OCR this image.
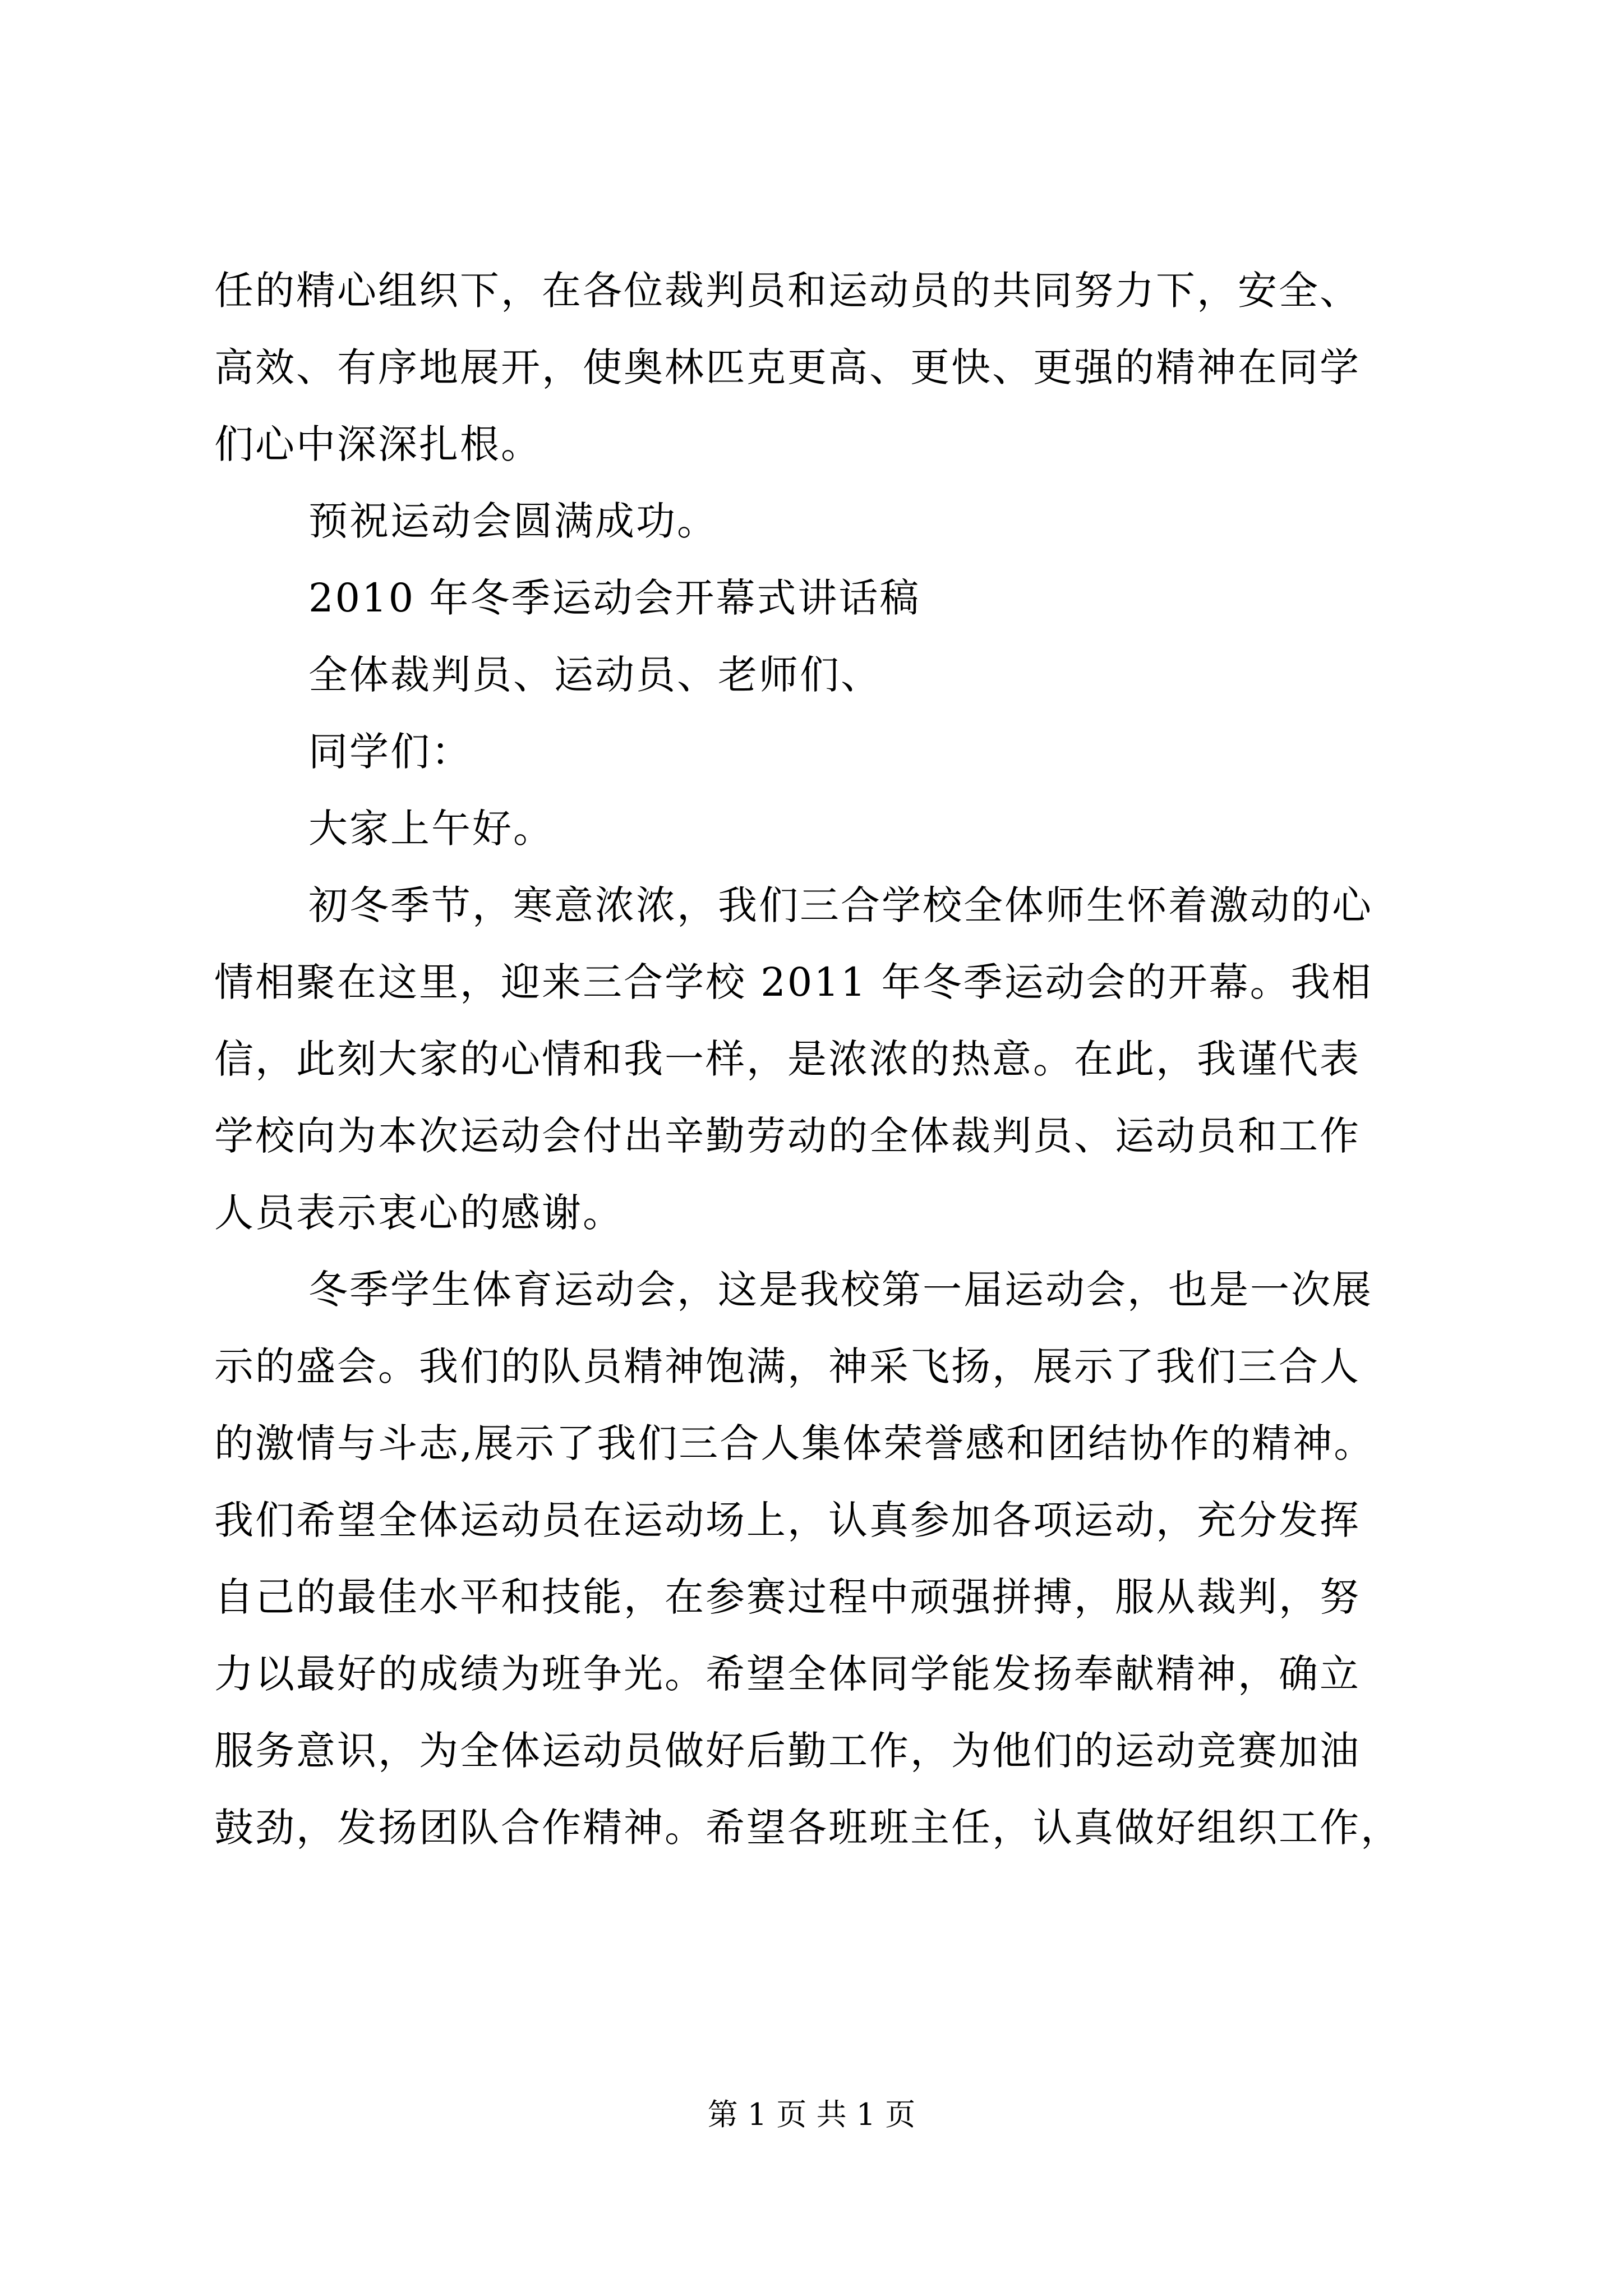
任的精心组织下，在各位裁判员和运动员的共同努力下，安全、
高效、有序地展开，使奥林匹克更高、更快、更强的精神在同学
们心中深深扎根。
预祝运动会圆满成功。
2010 年冬季运动会开幕式讲话稿
全体裁判员、运动员、老师们、
同学们：
大家上午好。
初冬季节，寒意浓浓，我们三合学校全体师生怀着激动的心
情相聚在这里，迎来三合学校 2011 年冬季运动会的开幕。我相
信，此刻大家的心情和我一样，是浓浓的热意。在此，我谨代表
学校向为本次运动会付出辛勤劳动的全体裁判员、运动员和工作
人员表示衷心的感谢。
冬季学生体育运动会，这是我校第一届运动会，也是一次展
示的盛会。我们的队员精神饱满，神采飞扬，展示了我们三合人
的激情与斗志,展示了我们三合人集体荣誉感和团结协作的精神。
我们希望全体运动员在运动场上，认真参加各项运动，充分发挥
自己的最佳水平和技能，在参赛过程中顽强拼搏，服从裁判，努
力以最好的成绩为班争光。希望全体同学能发扬奉献精神，确立
服务意识，为全体运动员做好后勤工作，为他们的运动竞赛加油
鼓劲，发扬团队合作精神。希望各班班主任，认真做好组织工作，
第 1 页 共 1 页
